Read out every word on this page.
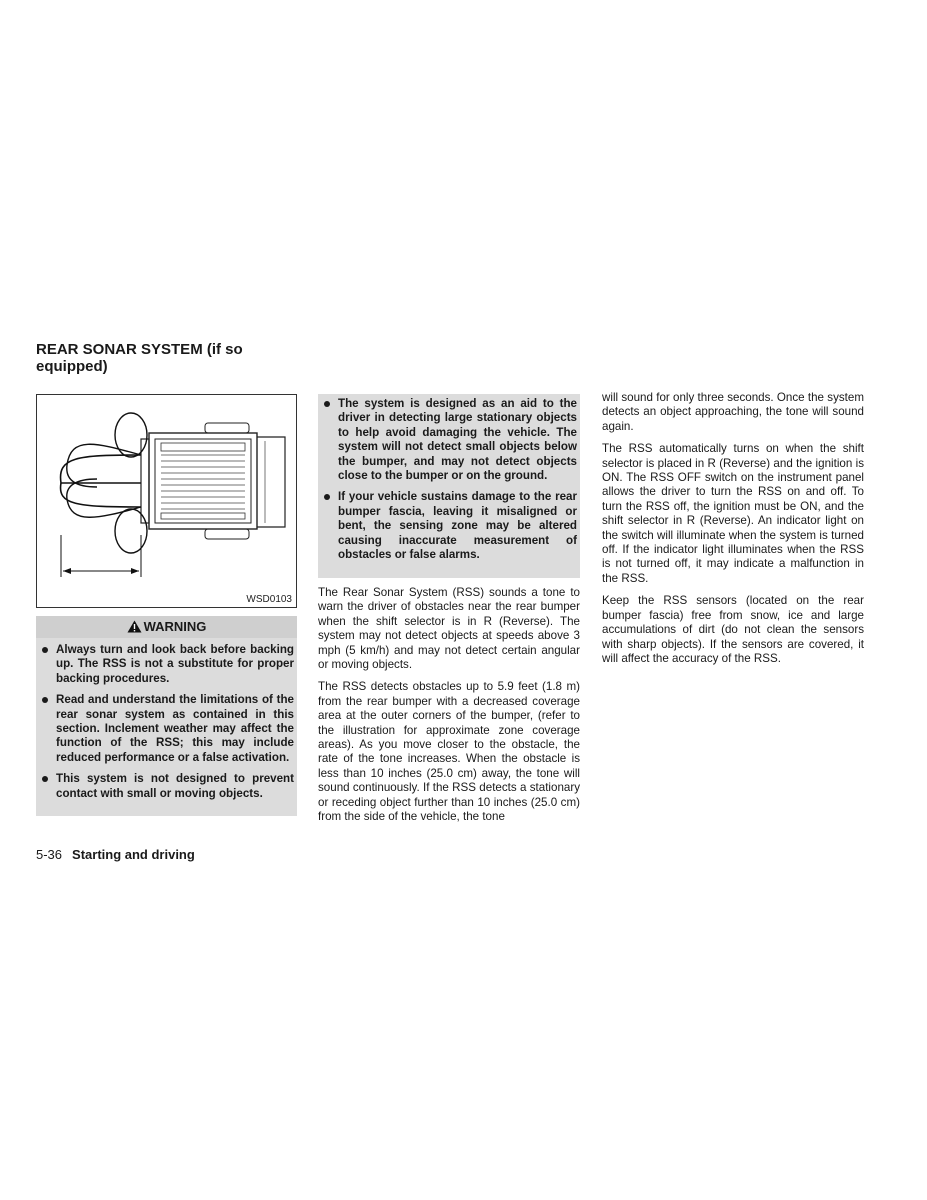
REAR SONAR SYSTEM (if so equipped)
WSD0103
WARNING
Always turn and look back before backing up. The RSS is not a substitute for proper backing procedures.
Read and understand the limitations of the rear sonar system as contained in this section. Inclement weather may affect the function of the RSS; this may include reduced performance or a false activation.
This system is not designed to prevent contact with small or moving objects.
The system is designed as an aid to the driver in detecting large stationary objects to help avoid damaging the vehicle. The system will not detect small objects below the bumper, and may not detect objects close to the bumper or on the ground.
If your vehicle sustains damage to the rear bumper fascia, leaving it misaligned or bent, the sensing zone may be altered causing inaccurate measurement of obstacles or false alarms.

The Rear Sonar System (RSS) sounds a tone to warn the driver of obstacles near the rear bumper when the shift selector is in R (Reverse). The system may not detect objects at speeds above 3 mph (5 km/h) and may not detect certain angular or moving objects.

The RSS detects obstacles up to 5.9 feet (1.8 m) from the rear bumper with a decreased coverage area at the outer corners of the bumper, (refer to the illustration for approximate zone coverage areas). As you move closer to the obstacle, the rate of the tone increases. When the obstacle is less than 10 inches (25.0 cm) away, the tone will sound continuously. If the RSS detects a stationary or receding object further than 10 inches (25.0 cm) from the side of the vehicle, the tone

will sound for only three seconds. Once the system detects an object approaching, the tone will sound again.

The RSS automatically turns on when the shift selector is placed in R (Reverse) and the ignition is ON. The RSS OFF switch on the instrument panel allows the driver to turn the RSS on and off. To turn the RSS off, the ignition must be ON, and the shift selector in R (Reverse). An indicator light on the switch will illuminate when the system is turned off. If the indicator light illuminates when the RSS is not turned off, it may indicate a malfunction in the RSS.

Keep the RSS sensors (located on the rear bumper fascia) free from snow, ice and large accumulations of dirt (do not clean the sensors with sharp objects). If the sensors are covered, it will affect the accuracy of the RSS.

5-36 Starting and driving
